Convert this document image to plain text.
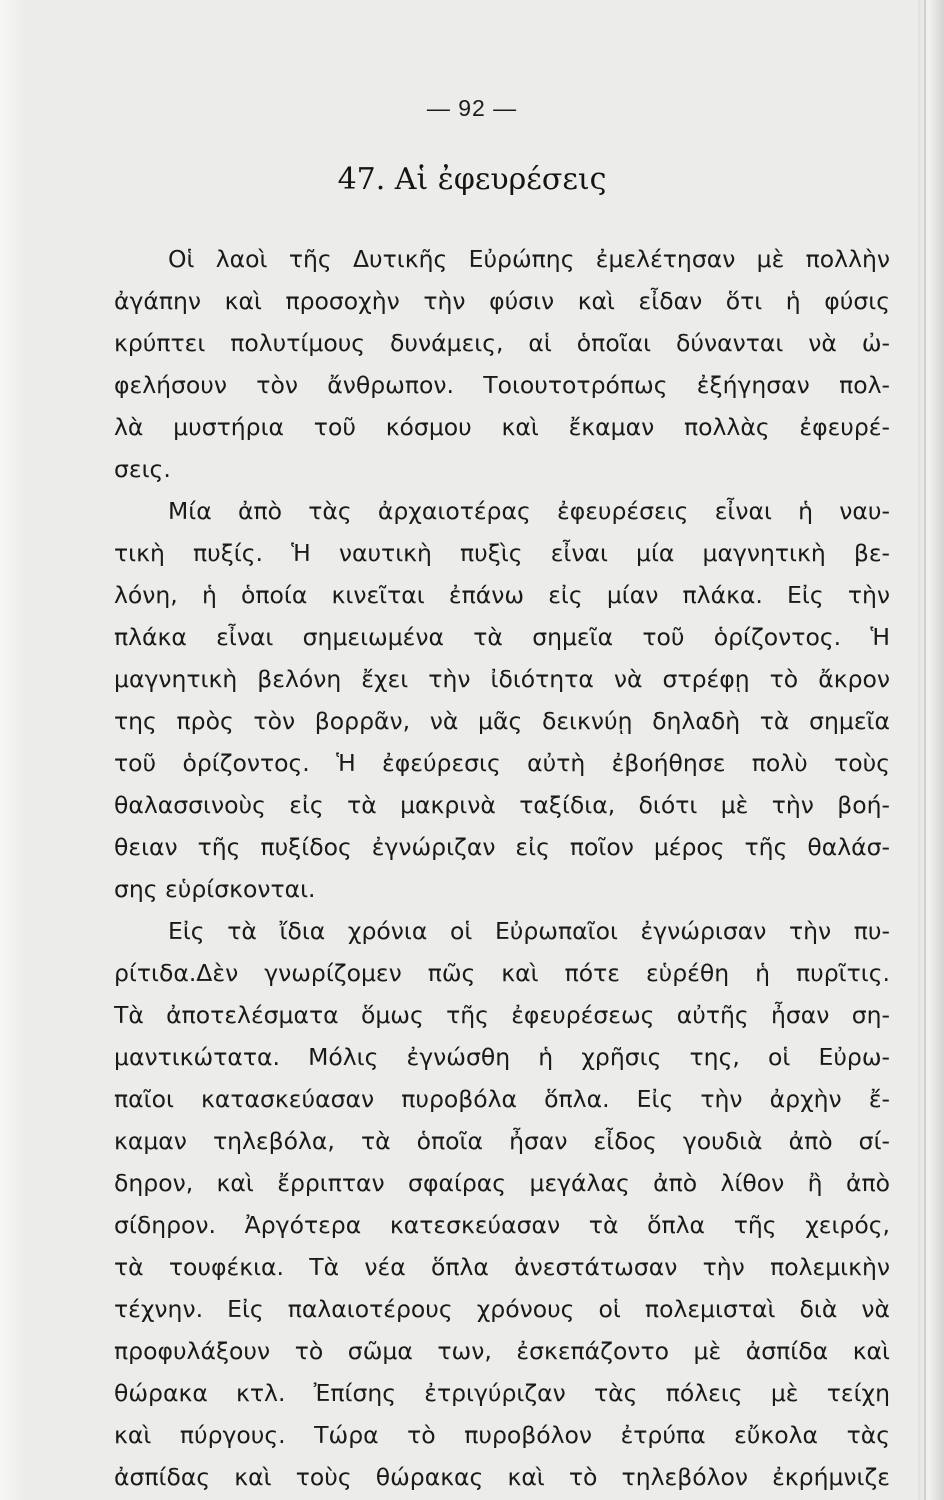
— 92 —
47. Αἱ ἐφευρέσεις
Οἱ λαοὶ τῆς Δυτικῆς Εὐρώπης ἐμελέτησαν μὲ πολλὴν
ἀγάπην καὶ προσοχὴν τὴν φύσιν καὶ εἶδαν ὅτι ἡ φύσις
κρύπτει πολυτίμους δυνάμεις, αἱ ὁποῖαι δύνανται νὰ ὠ-
φελήσουν τὸν ἄνθρωπον. Τοιουτοτρόπως ἐξήγησαν πολ-
λὰ μυστήρια τοῦ κόσμου καὶ ἔκαμαν πολλὰς ἐφευρέ-
σεις.
Μία ἀπὸ τὰς ἀρχαιοτέρας ἐφευρέσεις εἶναι ἡ ναυ-
τικὴ πυξίς. Ἡ ναυτικὴ πυξὶς εἶναι μία μαγνητικὴ βε-
λόνη, ἡ ὁποία κινεῖται ἐπάνω εἰς μίαν πλάκα. Εἰς τὴν
πλάκα εἶναι σημειωμένα τὰ σημεῖα τοῦ ὁρίζοντος. Ἡ
μαγνητικὴ βελόνη ἔχει τὴν ἰδιότητα νὰ στρέφῃ τὸ ἄκρον
της πρὸς τὸν βορρᾶν, νὰ μᾶς δεικνύῃ δηλαδὴ τὰ σημεῖα
τοῦ ὁρίζοντος. Ἡ ἐφεύρεσις αὐτὴ ἐβοήθησε πολὺ τοὺς
θαλασσινοὺς εἰς τὰ μακρινὰ ταξίδια, διότι μὲ τὴν βοή-
θειαν τῆς πυξίδος ἐγνώριζαν εἰς ποῖον μέρος τῆς θαλάσ-
σης εὑρίσκονται.
Εἰς τὰ ἴδια χρόνια οἱ Εὐρωπαῖοι ἐγνώρισαν τὴν πυ-
ρίτιδα.Δὲν γνωρίζομεν πῶς καὶ πότε εὑρέθη ἡ πυρῖτις.
Τὰ ἀποτελέσματα ὅμως τῆς ἐφευρέσεως αὐτῆς ἦσαν ση-
μαντικώτατα. Μόλις ἐγνώσθη ἡ χρῆσις της, οἱ Εὐρω-
παῖοι κατασκεύασαν πυροβόλα ὅπλα. Εἰς τὴν ἀρχὴν ἔ-
καμαν τηλεβόλα, τὰ ὁποῖα ἦσαν εἶδος γουδιὰ ἀπὸ σί-
δηρον, καὶ ἔρριπταν σφαίρας μεγάλας ἀπὸ λίθον ἢ ἀπὸ
σίδηρον. Ἀργότερα κατεσκεύασαν τὰ ὅπλα τῆς χειρός,
τὰ τουφέκια. Τὰ νέα ὅπλα ἀνεστάτωσαν τὴν πολεμικὴν
τέχνην. Εἰς παλαιοτέρους χρόνους οἱ πολεμισταὶ διὰ νὰ
προφυλάξουν τὸ σῶμα των, ἐσκεπάζοντο μὲ ἀσπίδα καὶ
θώρακα κτλ. Ἐπίσης ἐτριγύριζαν τὰς πόλεις μὲ τείχη
καὶ πύργους. Τώρα τὸ πυροβόλον ἐτρύπα εὔκολα τὰς
ἀσπίδας καὶ τοὺς θώρακας καὶ τὸ τηλεβόλον ἐκρήμνιζε
